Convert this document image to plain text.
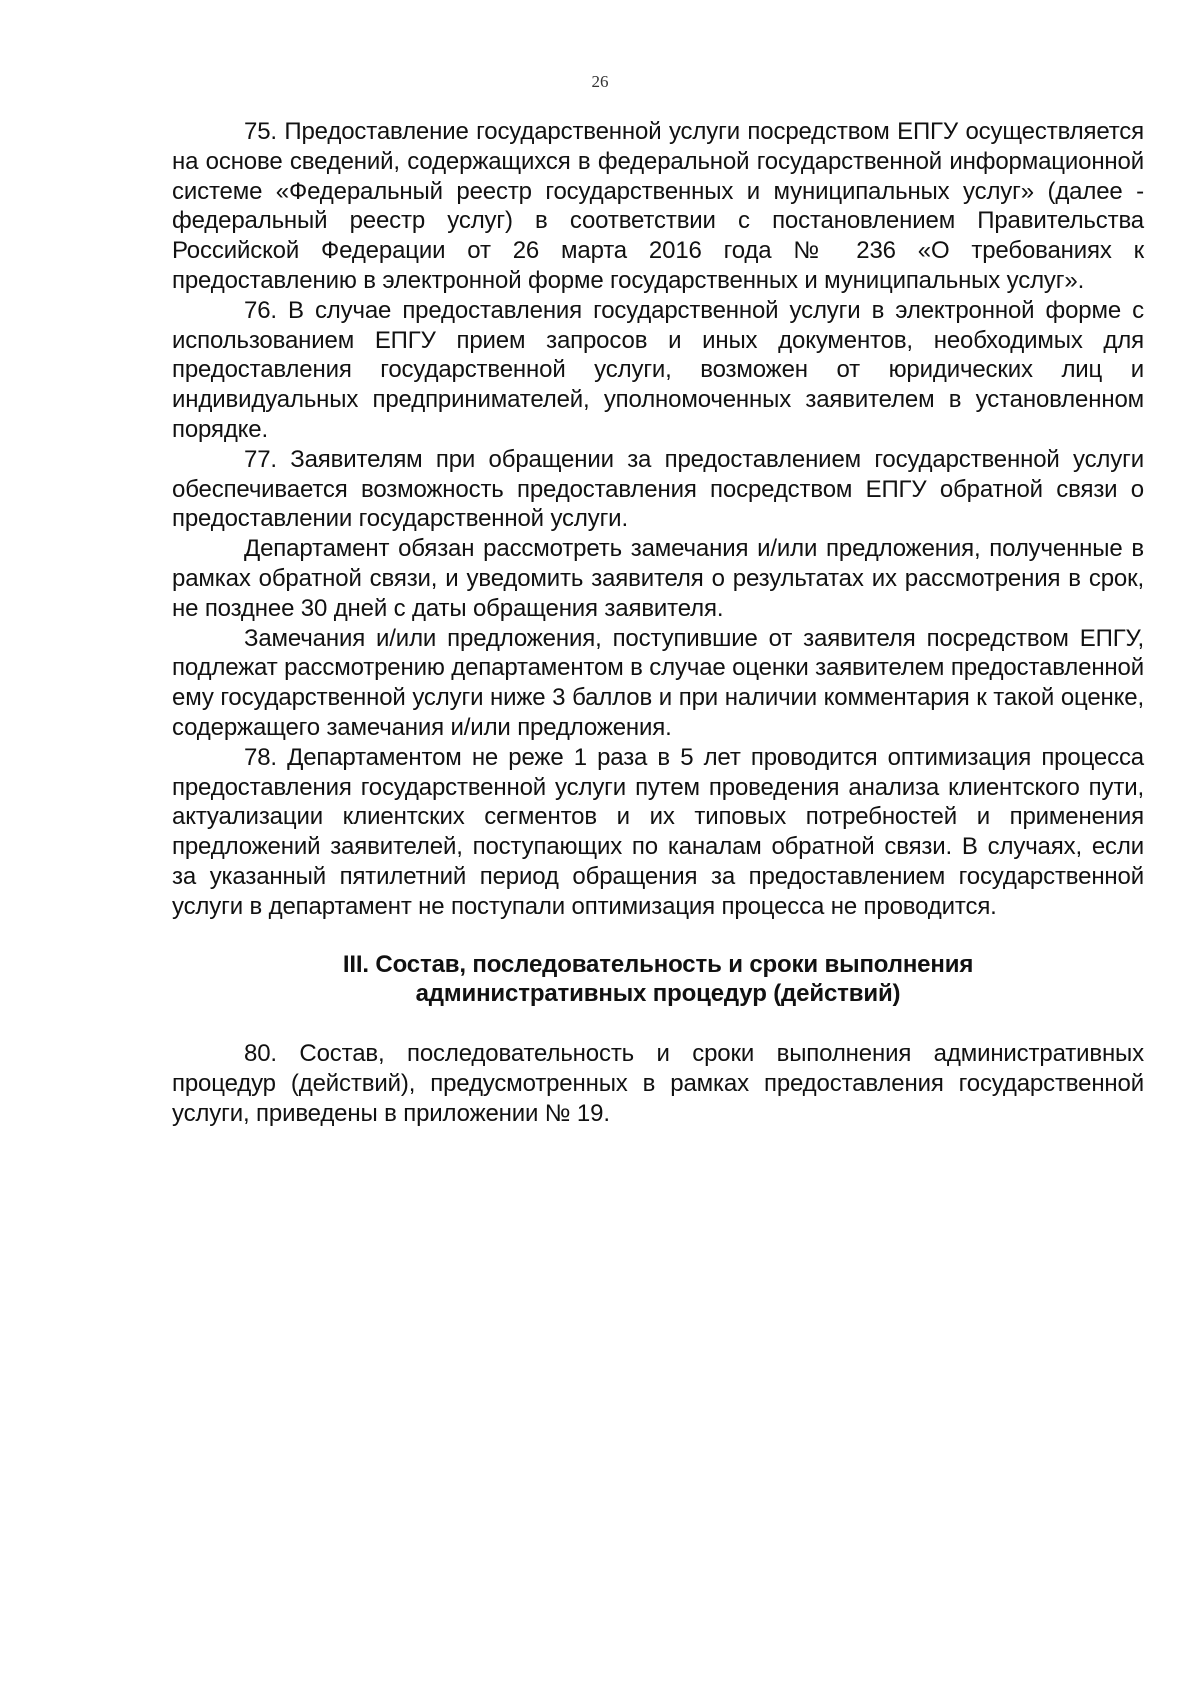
26

75. Предоставление государственной услуги посредством ЕПГУ осуществляется на основе сведений, содержащихся в федеральной государственной информационной системе «Федеральный реестр государственных и муниципальных услуг» (далее - федеральный реестр услуг) в соответствии с постановлением Правительства Российской Федерации от 26 марта 2016 года № 236 «О требованиях к предоставлению в электронной форме государственных и муниципальных услуг».

76. В случае предоставления государственной услуги в электронной форме с использованием ЕПГУ прием запросов и иных документов, необходимых для предоставления государственной услуги, возможен от юридических лиц и индивидуальных предпринимателей, уполномоченных заявителем в установленном порядке.

77. Заявителям при обращении за предоставлением государственной услуги обеспечивается возможность предоставления посредством ЕПГУ обратной связи о предоставлении государственной услуги.

Департамент обязан рассмотреть замечания и/или предложения, полученные в рамках обратной связи, и уведомить заявителя о результатах их рассмотрения в срок, не позднее 30 дней с даты обращения заявителя.

Замечания и/или предложения, поступившие от заявителя посредством ЕПГУ, подлежат рассмотрению департаментом в случае оценки заявителем предоставленной ему государственной услуги ниже 3 баллов и при наличии комментария к такой оценке, содержащего замечания и/или предложения.

78. Департаментом не реже 1 раза в 5 лет проводится оптимизация процесса предоставления государственной услуги путем проведения анализа клиентского пути, актуализации клиентских сегментов и их типовых потребностей и применения предложений заявителей, поступающих по каналам обратной связи. В случаях, если за указанный пятилетний период обращения за предоставлением государственной услуги в департамент не поступали оптимизация процесса не проводится.

III. Состав, последовательность и сроки выполнения
административных процедур (действий)

80. Состав, последовательность и сроки выполнения административных процедур (действий), предусмотренных в рамках предоставления государственной услуги, приведены в приложении № 19.
